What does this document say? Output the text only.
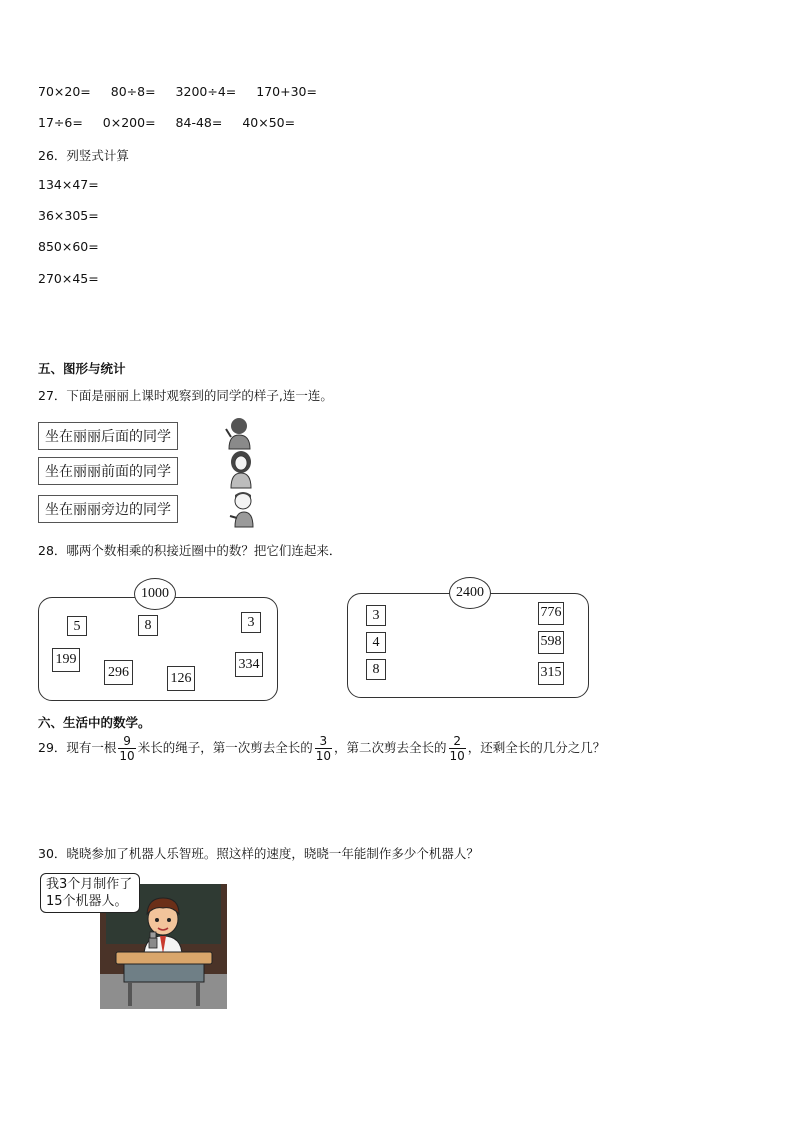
70×20= 80÷8= 3200÷4= 170+30=
17÷6= 0×200= 84-48= 40×50=
26．列竖式计算
134×47=
36×305=
850×60=
270×45=
五、图形与统计
27．下面是丽丽上课时观察到的同学的样子,连一连。
坐在丽丽后面的同学
坐在丽丽前面的同学
坐在丽丽旁边的同学
28．哪两个数相乘的积接近圈中的数？把它们连起来．
1000
5	8	3
199
296	126
334
2400
3
4
8
776
598
315
六、生活中的数学。
29．现有一根 $\frac{9}{10}$ 米长的绳子，第一次剪去全长的 $\frac{3}{10}$ ，第二次剪去全长的 $\frac{2}{10}$ ，还剩全长的几分之几？
30．晓晓参加了机器人乐智班。照这样的速度，晓晓一年能制作多少个机器人？
我3个月制作了15个机器人。
